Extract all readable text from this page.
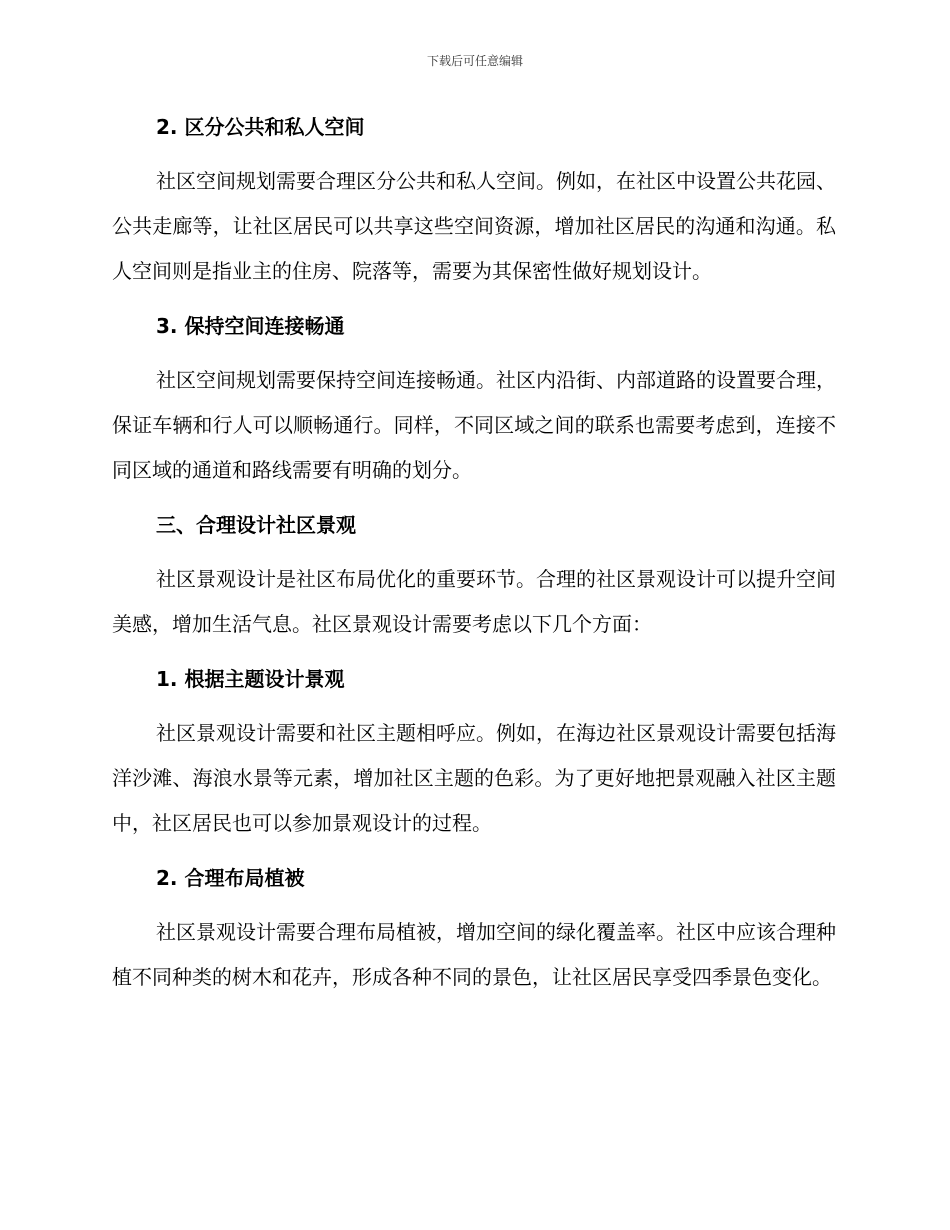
下载后可任意编辑
2. 区分公共和私人空间

社区空间规划需要合理区分公共和私人空间。例如，在社区中设置公共花园、公共走廊等，让社区居民可以共享这些空间资源，增加社区居民的沟通和沟通。私人空间则是指业主的住房、院落等，需要为其保密性做好规划设计。

3. 保持空间连接畅通

社区空间规划需要保持空间连接畅通。社区内沿街、内部道路的设置要合理，保证车辆和行人可以顺畅通行。同样，不同区域之间的联系也需要考虑到，连接不同区域的通道和路线需要有明确的划分。

三、合理设计社区景观

社区景观设计是社区布局优化的重要环节。合理的社区景观设计可以提升空间美感，增加生活气息。社区景观设计需要考虑以下几个方面：

1. 根据主题设计景观

社区景观设计需要和社区主题相呼应。例如，在海边社区景观设计需要包括海洋沙滩、海浪水景等元素，增加社区主题的色彩。为了更好地把景观融入社区主题中，社区居民也可以参加景观设计的过程。

2. 合理布局植被

社区景观设计需要合理布局植被，增加空间的绿化覆盖率。社区中应该合理种植不同种类的树木和花卉，形成各种不同的景色，让社区居民享受四季景色变化。
